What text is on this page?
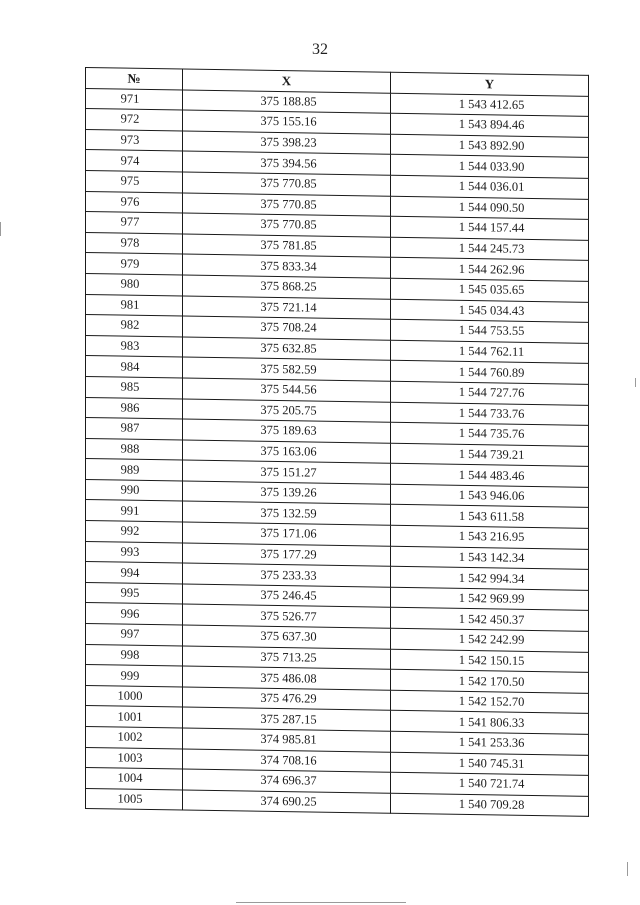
32
№	X	Y
971	375 188.85	1 543 412.65
972	375 155.16	1 543 894.46
973	375 398.23	1 543 892.90
974	375 394.56	1 544 033.90
975	375 770.85	1 544 036.01
976	375 770.85	1 544 090.50
977	375 770.85	1 544 157.44
978	375 781.85	1 544 245.73
979	375 833.34	1 544 262.96
980	375 868.25	1 545 035.65
981	375 721.14	1 545 034.43
982	375 708.24	1 544 753.55
983	375 632.85	1 544 762.11
984	375 582.59	1 544 760.89
985	375 544.56	1 544 727.76
986	375 205.75	1 544 733.76
987	375 189.63	1 544 735.76
988	375 163.06	1 544 739.21
989	375 151.27	1 544 483.46
990	375 139.26	1 543 946.06
991	375 132.59	1 543 611.58
992	375 171.06	1 543 216.95
993	375 177.29	1 543 142.34
994	375 233.33	1 542 994.34
995	375 246.45	1 542 969.99
996	375 526.77	1 542 450.37
997	375 637.30	1 542 242.99
998	375 713.25	1 542 150.15
999	375 486.08	1 542 170.50
1000	375 476.29	1 542 152.70
1001	375 287.15	1 541 806.33
1002	374 985.81	1 541 253.36
1003	374 708.16	1 540 745.31
1004	374 696.37	1 540 721.74
1005	374 690.25	1 540 709.28
